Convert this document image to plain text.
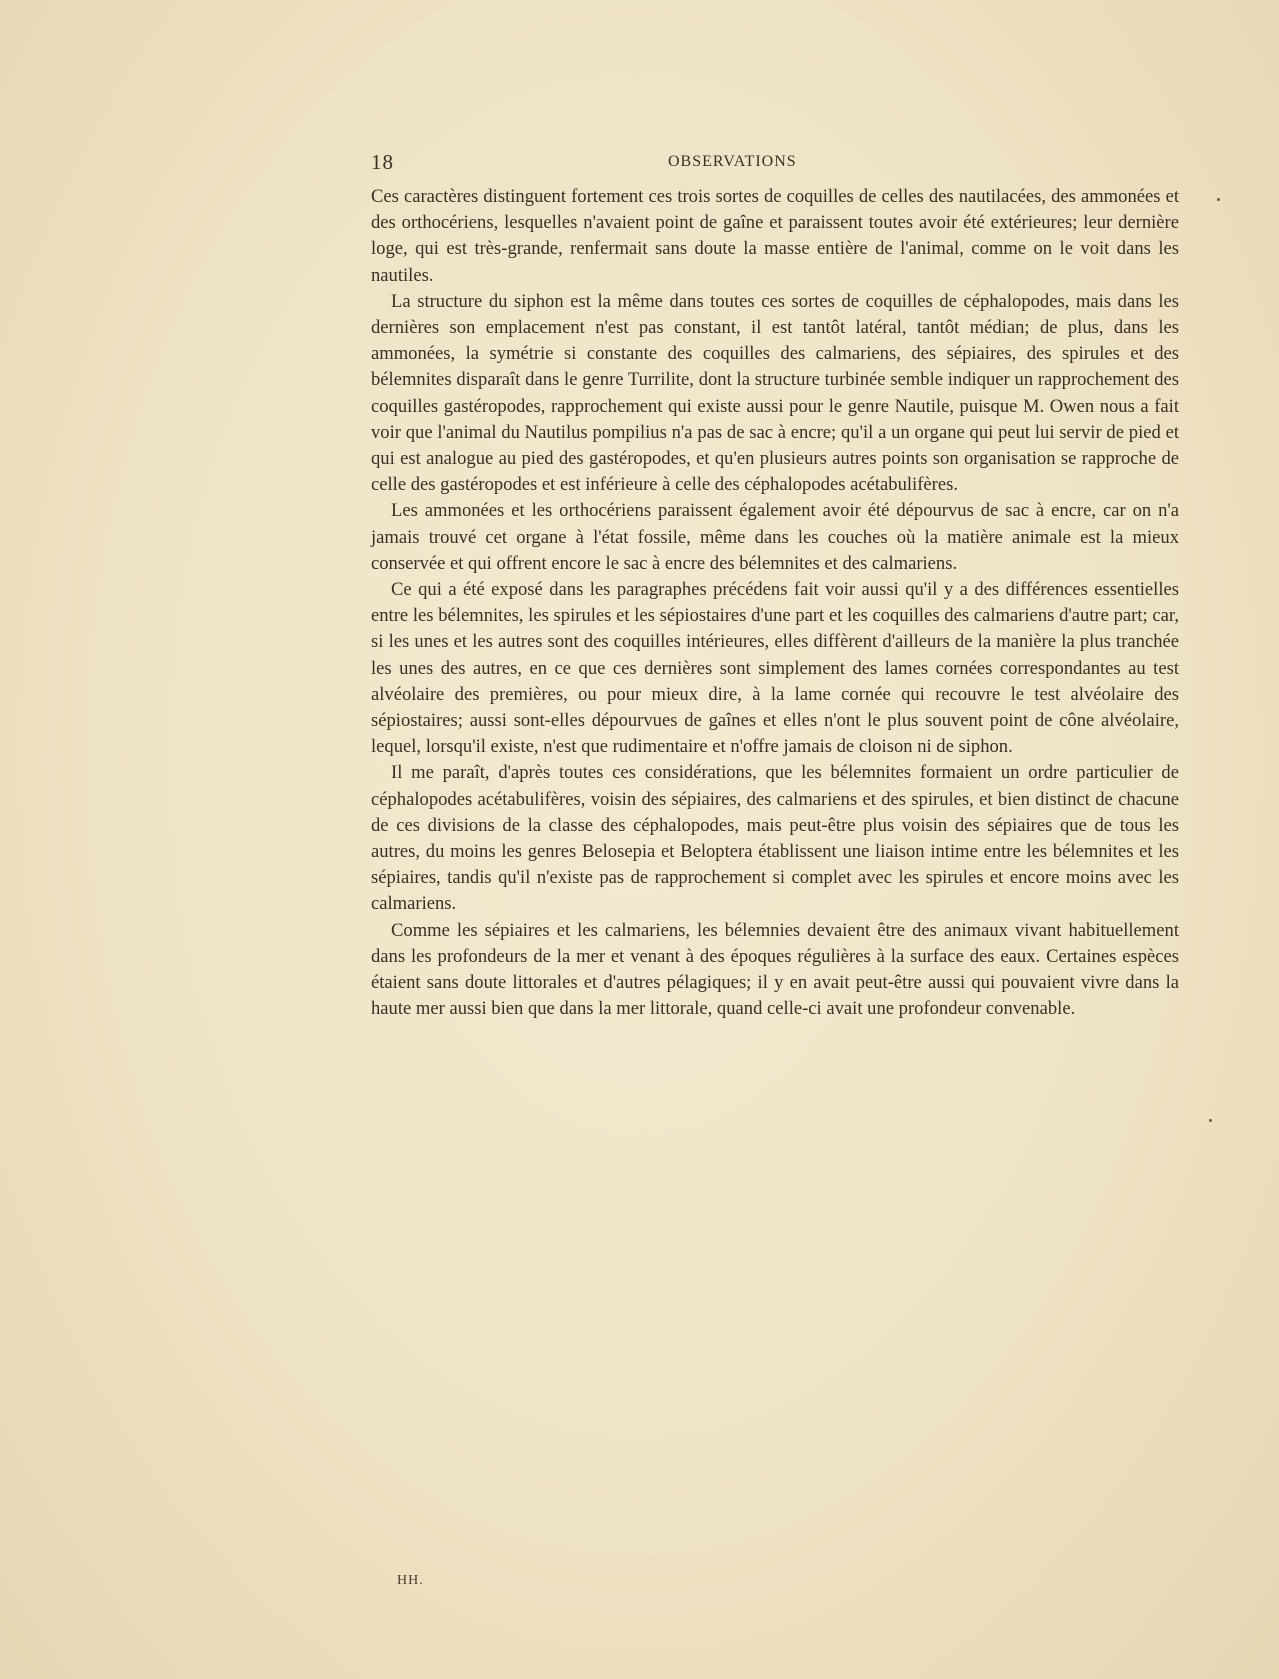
18	OBSERVATIONS

Ces caractères distinguent fortement ces trois sortes de coquilles de celles des nautilacées, des ammonées et des orthocériens, lesquelles n'avaient point de gaîne et paraissent toutes avoir été extérieures; leur dernière loge, qui est très-grande, renfermait sans doute la masse entière de l'animal, comme on le voit dans les nautiles.

La structure du siphon est la même dans toutes ces sortes de coquilles de céphalopodes, mais dans les dernières son emplacement n'est pas constant, il est tantôt latéral, tantôt médian; de plus, dans les ammonées, la symétrie si constante des coquilles des calmariens, des sépiaires, des spirules et des bélemnites disparaît dans le genre Turrilite, dont la structure turbinée semble indiquer un rapprochement des coquilles gastéropodes, rapprochement qui existe aussi pour le genre Nautile, puisque M. Owen nous a fait voir que l'animal du Nautilus pompilius n'a pas de sac à encre; qu'il a un organe qui peut lui servir de pied et qui est analogue au pied des gastéropodes, et qu'en plusieurs autres points son organisation se rapproche de celle des gastéropodes et est inférieure à celle des céphalopodes acétabulifères.

Les ammonées et les orthocériens paraissent également avoir été dépourvus de sac à encre, car on n'a jamais trouvé cet organe à l'état fossile, même dans les couches où la matière animale est la mieux conservée et qui offrent encore le sac à encre des bélemnites et des calmariens.

Ce qui a été exposé dans les paragraphes précédens fait voir aussi qu'il y a des différences essentielles entre les bélemnites, les spirules et les sépiostaires d'une part et les coquilles des calmariens d'autre part; car, si les unes et les autres sont des coquilles intérieures, elles diffèrent d'ailleurs de la manière la plus tranchée les unes des autres, en ce que ces dernières sont simplement des lames cornées correspondantes au test alvéolaire des premières, ou pour mieux dire, à la lame cornée qui recouvre le test alvéolaire des sépiostaires; aussi sont-elles dépourvues de gaînes et elles n'ont le plus souvent point de cône alvéolaire, lequel, lorsqu'il existe, n'est que rudimentaire et n'offre jamais de cloison ni de siphon.

Il me paraît, d'après toutes ces considérations, que les bélemnites formaient un ordre particulier de céphalopodes acétabulifères, voisin des sépiaires, des calmariens et des spirules, et bien distinct de chacune de ces divisions de la classe des céphalopodes, mais peut-être plus voisin des sépiaires que de tous les autres, du moins les genres Belosepia et Beloptera établissent une liaison intime entre les bélemnites et les sépiaires, tandis qu'il n'existe pas de rapprochement si complet avec les spirules et encore moins avec les calmariens.

Comme les sépiaires et les calmariens, les bélemnies devaient être des animaux vivant habituellement dans les profondeurs de la mer et venant à des époques régulières à la surface des eaux. Certaines espèces étaient sans doute littorales et d'autres pélagiques; il y en avait peut-être aussi qui pouvaient vivre dans la haute mer aussi bien que dans la mer littorale, quand celle-ci avait une profondeur convenable.

HH.
